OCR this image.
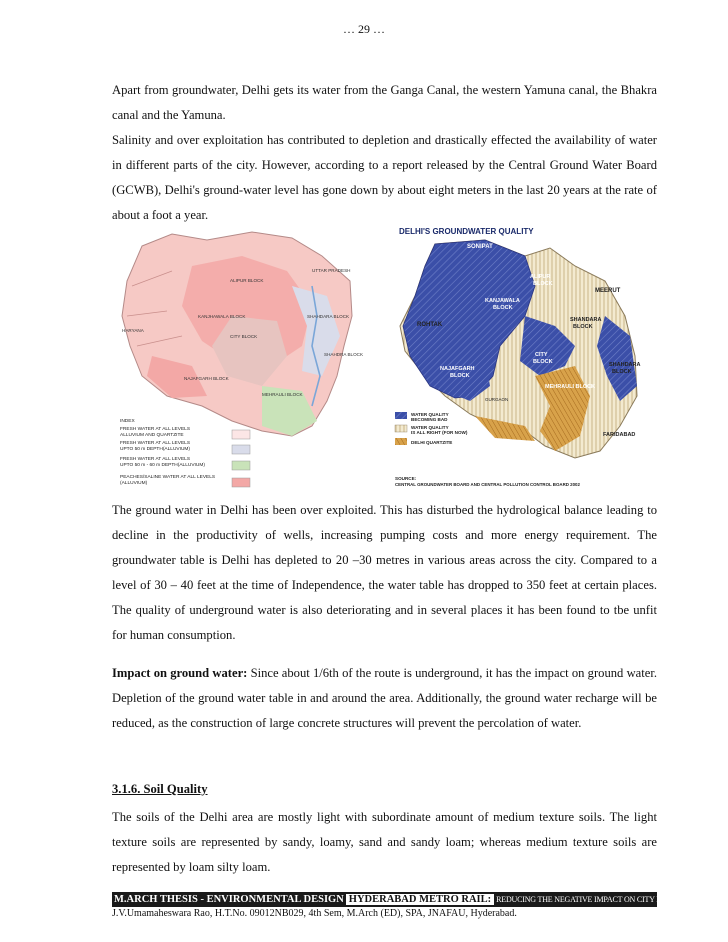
… 29 …

Apart from groundwater, Delhi gets its water from the Ganga Canal, the western Yamuna canal, the Bhakra canal and the Yamuna.

Salinity and over exploitation has contributed to depletion and drastically effected the availability of water in different parts of the city. However, according to a report released by the Central Ground Water Board (GCWB), Delhi's ground-water level has gone down by about eight meters in the last 20 years at the rate of about a foot a year.

ALIPUR BLOCK
UTTAR PRADESH
KANJHAWALA BLOCK	SHAHDARA BLOCK
HARYANA
CITY BLOCK
SHAHDRA BLOCK
NAJAFGARH BLOCK
MEHRAULI BLOCK
INDEX
FRESH WATER AT ALL LEVELS
ALLUVIUM AND QUARTZITE
FRESH WATER AT ALL LEVELS
UPTO 50 m DEPTH(ALLUVIUM)
FRESH WATER AT ALL LEVELS
UPTO 50 m - 60 m DEPTH(ALLUVIUM)
PEACHES/SALINE WATER AT ALL LEVELS
(ALLUVIUM)
DELHI'S GROUNDWATER QUALITY
SONIPAT
MEERUT
ALIPUR
BLOCK
KANJAWALA
BLOCK
SHANDARA
BLOCK
ROHTAK
SHAHDARA
BLOCK
NAJAFGARH
BLOCK
CITY
BLOCK
MEHRAULI BLOCK
GURGAON
FARIDABAD
WATER QUALITY
BECOMING BAD
WATER QUALITY
IS ALL RIGHT (FOR NOW)
DELHI QUARTZITE
SOURCE:
CENTRAL GROUNDWATER BOARD AND CENTRAL POLLUTION CONTROL BOARD 2002

The ground water in Delhi has been over exploited. This has disturbed the hydrological balance leading to decline in the productivity of wells, increasing pumping costs and more energy requirement. The groundwater table is Delhi has depleted to 20 –30 metres in various areas across the city. Compared to a level of 30 – 40 feet at the time of Independence, the water table has dropped to 350 feet at certain places. The quality of underground water is also deteriorating and in several places it has been found to tbe unfit for human consumption.

Impact on ground water: Since about 1/6th of the route is underground, it has the impact on ground water. Depletion of the ground water table in and around the area. Additionally, the ground water recharge will be reduced, as the construction of large concrete structures will prevent the percolation of water.

3.1.6. Soil Quality

The soils of the Delhi area are mostly light with subordinate amount of medium texture soils. The light texture soils are represented by sandy, loamy, sand and sandy loam; whereas medium texture soils are represented by loam silty loam.

M.ARCH THESIS - ENVIRONMENTAL DESIGN HYDERABAD METRO RAIL: REDUCING THE NEGATIVE IMPACT ON CITY ENVIRONMENT
J.V.Umamaheswara Rao, H.T.No. 09012NB029, 4th Sem, M.Arch (ED), SPA, JNAFAU, Hyderabad.
